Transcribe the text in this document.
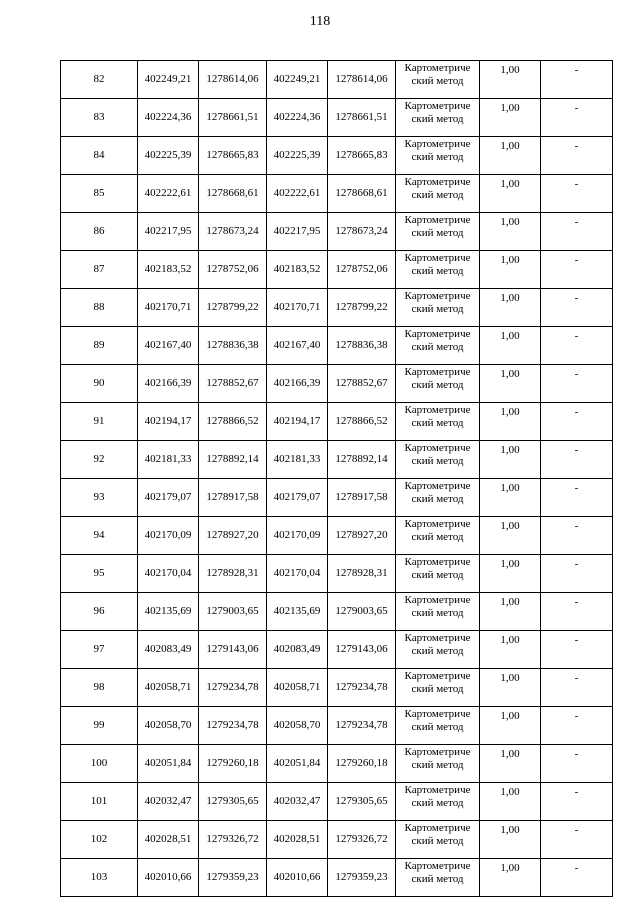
118
82	402249,21	1278614,06	402249,21	1278614,06	Картометриче
ский метод	1,00	-
83	402224,36	1278661,51	402224,36	1278661,51	Картометриче
ский метод	1,00	-
84	402225,39	1278665,83	402225,39	1278665,83	Картометриче
ский метод	1,00	-
85	402222,61	1278668,61	402222,61	1278668,61	Картометриче
ский метод	1,00	-
86	402217,95	1278673,24	402217,95	1278673,24	Картометриче
ский метод	1,00	-
87	402183,52	1278752,06	402183,52	1278752,06	Картометриче
ский метод	1,00	-
88	402170,71	1278799,22	402170,71	1278799,22	Картометриче
ский метод	1,00	-
89	402167,40	1278836,38	402167,40	1278836,38	Картометриче
ский метод	1,00	-
90	402166,39	1278852,67	402166,39	1278852,67	Картометриче
ский метод	1,00	-
91	402194,17	1278866,52	402194,17	1278866,52	Картометриче
ский метод	1,00	-
92	402181,33	1278892,14	402181,33	1278892,14	Картометриче
ский метод	1,00	-
93	402179,07	1278917,58	402179,07	1278917,58	Картометриче
ский метод	1,00	-
94	402170,09	1278927,20	402170,09	1278927,20	Картометриче
ский метод	1,00	-
95	402170,04	1278928,31	402170,04	1278928,31	Картометриче
ский метод	1,00	-
96	402135,69	1279003,65	402135,69	1279003,65	Картометриче
ский метод	1,00	-
97	402083,49	1279143,06	402083,49	1279143,06	Картометриче
ский метод	1,00	-
98	402058,71	1279234,78	402058,71	1279234,78	Картометриче
ский метод	1,00	-
99	402058,70	1279234,78	402058,70	1279234,78	Картометриче
ский метод	1,00	-
100	402051,84	1279260,18	402051,84	1279260,18	Картометриче
ский метод	1,00	-
101	402032,47	1279305,65	402032,47	1279305,65	Картометриче
ский метод	1,00	-
102	402028,51	1279326,72	402028,51	1279326,72	Картометриче
ский метод	1,00	-
103	402010,66	1279359,23	402010,66	1279359,23	Картометриче
ский метод	1,00	-
